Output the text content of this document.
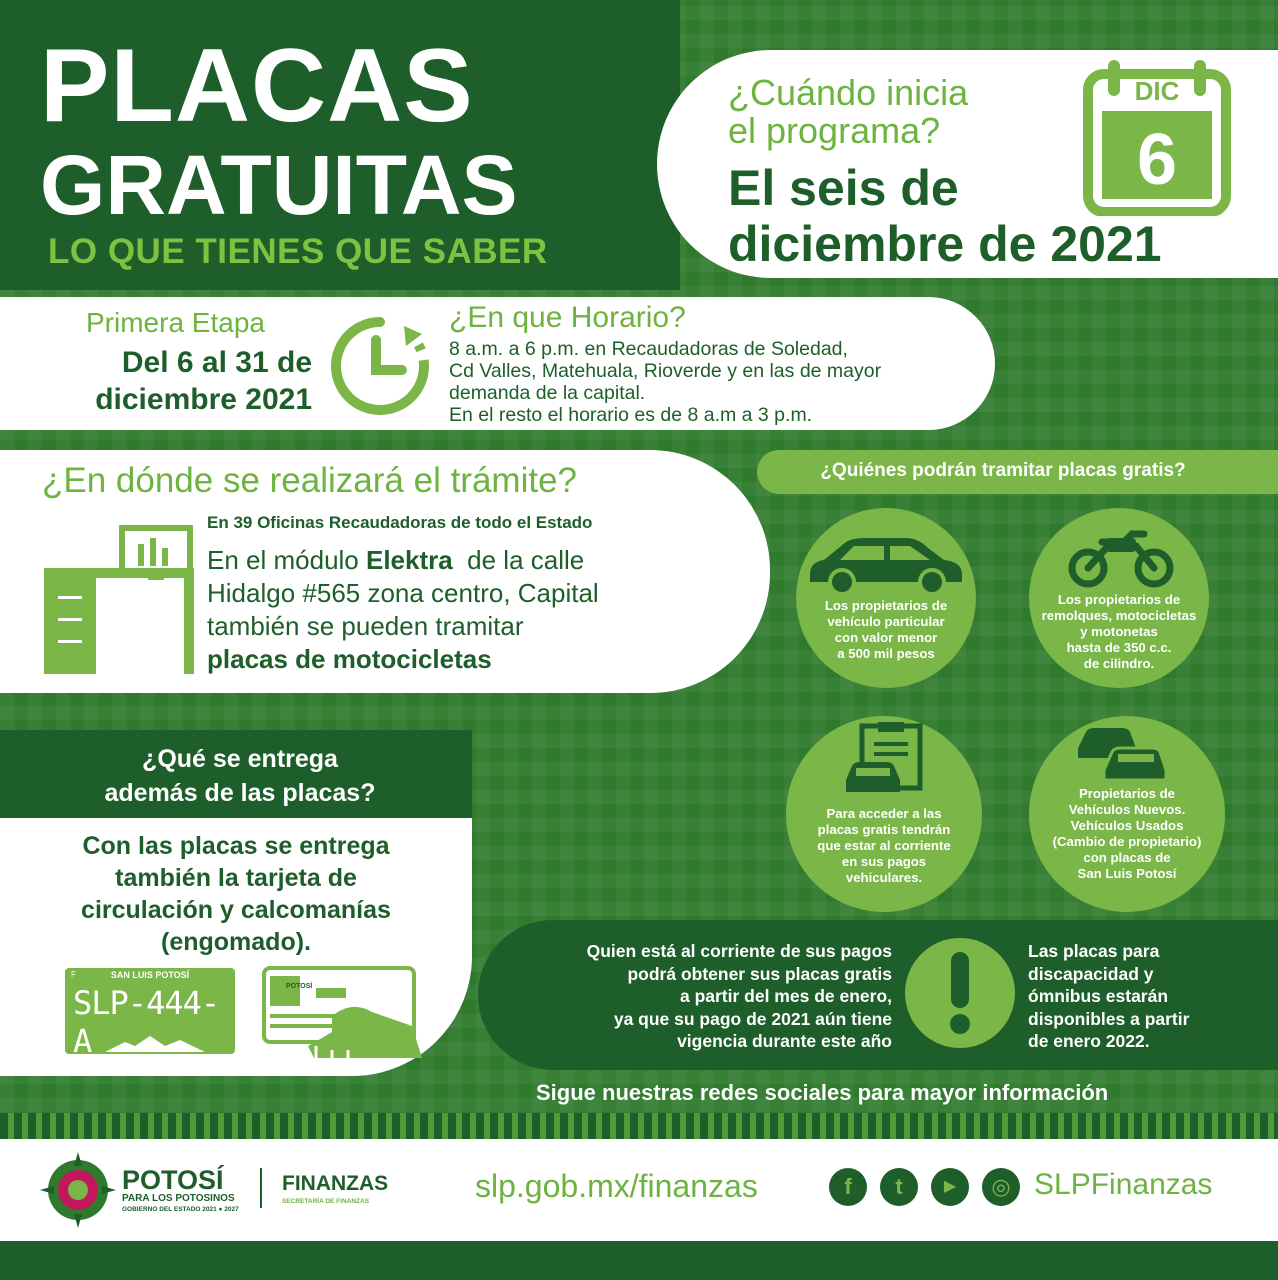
PLACAS
GRATUITAS
LO QUE TIENES QUE SABER
¿Cuándo inicia
el programa?
El seis de
diciembre de 2021
DIC
6
Primera Etapa
Del 6 al 31 de
diciembre 2021
¿En que Horario?
8 a.m. a 6 p.m. en Recaudadoras de Soledad,
Cd Valles, Matehuala, Rioverde y en las de mayor
demanda de la capital.
En el resto el horario es de 8 a.m a 3 p.m.
¿En dónde se realizará el trámite?
En 39 Oficinas Recaudadoras de todo el Estado
En el módulo Elektra  de la calle
Hidalgo #565 zona centro, Capital
también se pueden tramitar
placas de motocicletas
¿Quiénes podrán tramitar placas gratis?
Los propietarios de
vehículo particular
con valor menor
a 500 mil pesos
Los propietarios de
remolques, motocicletas
y motonetas
hasta de 350 c.c.
de cilindro.
Para acceder a las
placas gratis tendrán
que estar al corriente
en sus pagos
vehiculares.
Propietarios de
Vehículos Nuevos.
Vehículos Usados
(Cambio de propietario)
con placas de
San Luis Potosí
¿Qué se entrega
además de las placas?
Con las placas se entrega
también la tarjeta de
circulación y calcomanías
(engomado).
F	SAN LUIS POTOSÍ
SLP-444-A
POTOSÍ
Quien está al corriente de sus pagos
podrá obtener sus placas gratis
a partir del mes de enero,
ya que su pago de 2021 aún tiene
vigencia durante este año
Las placas para
discapacidad y
ómnibus estarán
disponibles a partir
de enero 2022.
Sigue nuestras redes sociales para mayor información
POTOSÍ
PARA LOS POTOSINOS
GOBIERNO DEL ESTADO 2021 ● 2027
FINANZAS
SECRETARÍA DE FINANZAS	slp.gob.mx/finanzas	f	t	▶	◎ SLPFinanzas
